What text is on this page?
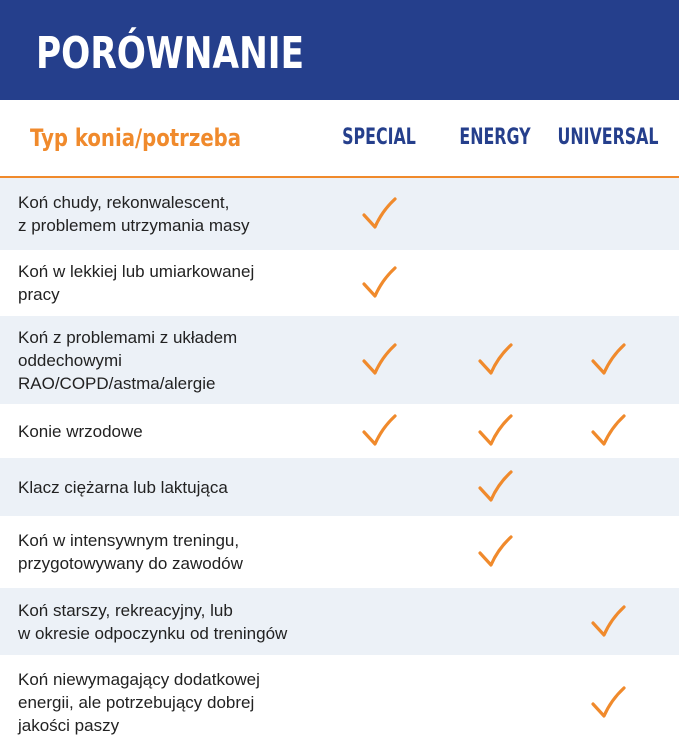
PORÓWNANIE
Typ konia/potrzeba	SPECIAL ENERGY UNIVERSAL
Koń chudy, rekonwalescent,
z problemem utrzymania masy
Koń w lekkiej lub umiarkowanej
pracy
Koń z problemami z układem
oddechowymi
RAO/COPD/astma/alergie
Konie wrzodowe
Klacz ciężarna lub laktująca
Koń w intensywnym treningu,
przygotowywany do zawodów
Koń starszy, rekreacyjny, lub
w okresie odpoczynku od treningów
Koń niewymagający dodatkowej
energii, ale potrzebujący dobrej
jakości paszy
